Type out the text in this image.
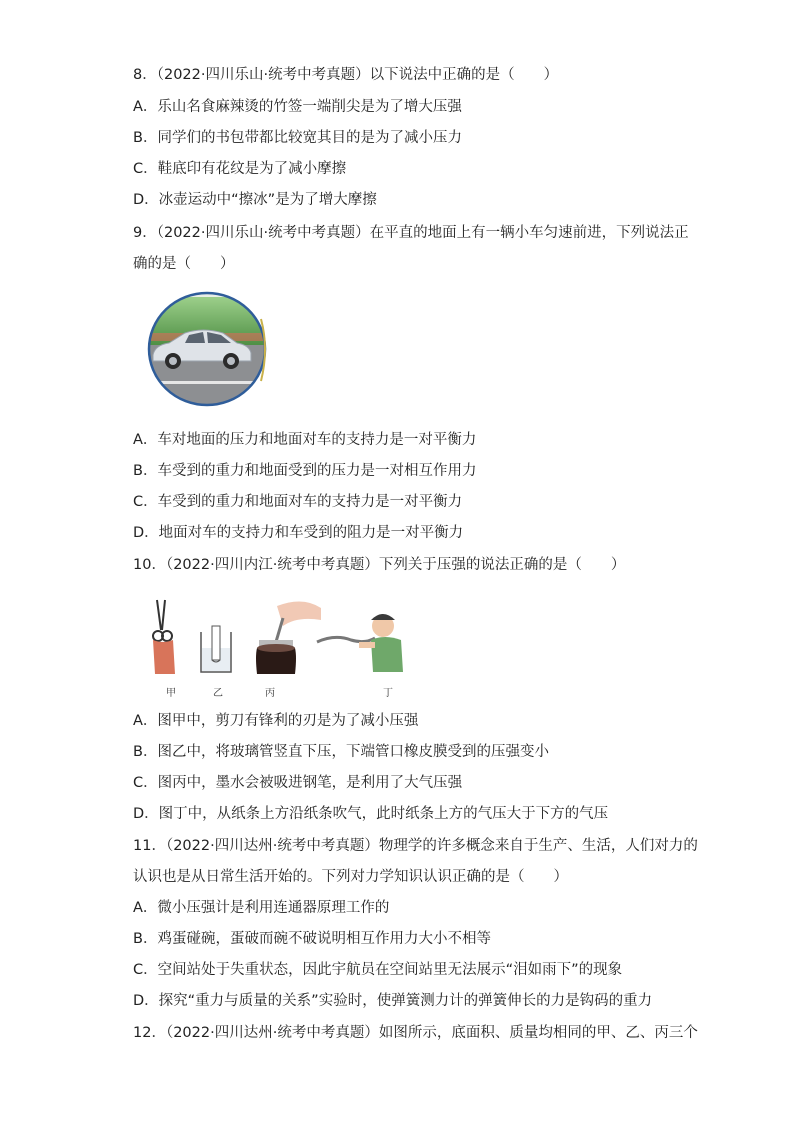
8．（2022·四川乐山·统考中考真题）以下说法中正确的是（　　）
A．乐山名食麻辣烫的竹签一端削尖是为了增大压强
B．同学们的书包带都比较宽其目的是为了减小压力
C．鞋底印有花纹是为了减小摩擦
D．冰壶运动中“擦冰”是为了增大摩擦
9．（2022·四川乐山·统考中考真题）在平直的地面上有一辆小车匀速前进，下列说法正
确的是（　　）
A．车对地面的压力和地面对车的支持力是一对平衡力
B．车受到的重力和地面受到的压力是一对相互作用力
C．车受到的重力和地面对车的支持力是一对平衡力
D．地面对车的支持力和车受到的阻力是一对平衡力
10．（2022·四川内江·统考中考真题）下列关于压强的说法正确的是（　　）
甲	乙	丙	丁
A．图甲中，剪刀有锋利的刃是为了减小压强
B．图乙中，将玻璃管竖直下压，下端管口橡皮膜受到的压强变小
C．图丙中，墨水会被吸进钢笔，是利用了大气压强
D．图丁中，从纸条上方沿纸条吹气，此时纸条上方的气压大于下方的气压
11．（2022·四川达州·统考中考真题）物理学的许多概念来自于生产、生活，人们对力的
认识也是从日常生活开始的。下列对力学知识认识正确的是（　　）
A．微小压强计是利用连通器原理工作的
B．鸡蛋碰碗，蛋破而碗不破说明相互作用力大小不相等
C．空间站处于失重状态，因此宇航员在空间站里无法展示“泪如雨下”的现象
D．探究“重力与质量的关系”实验时，使弹簧测力计的弹簧伸长的力是钩码的重力
12．（2022·四川达州·统考中考真题）如图所示，底面积、质量均相同的甲、乙、丙三个
